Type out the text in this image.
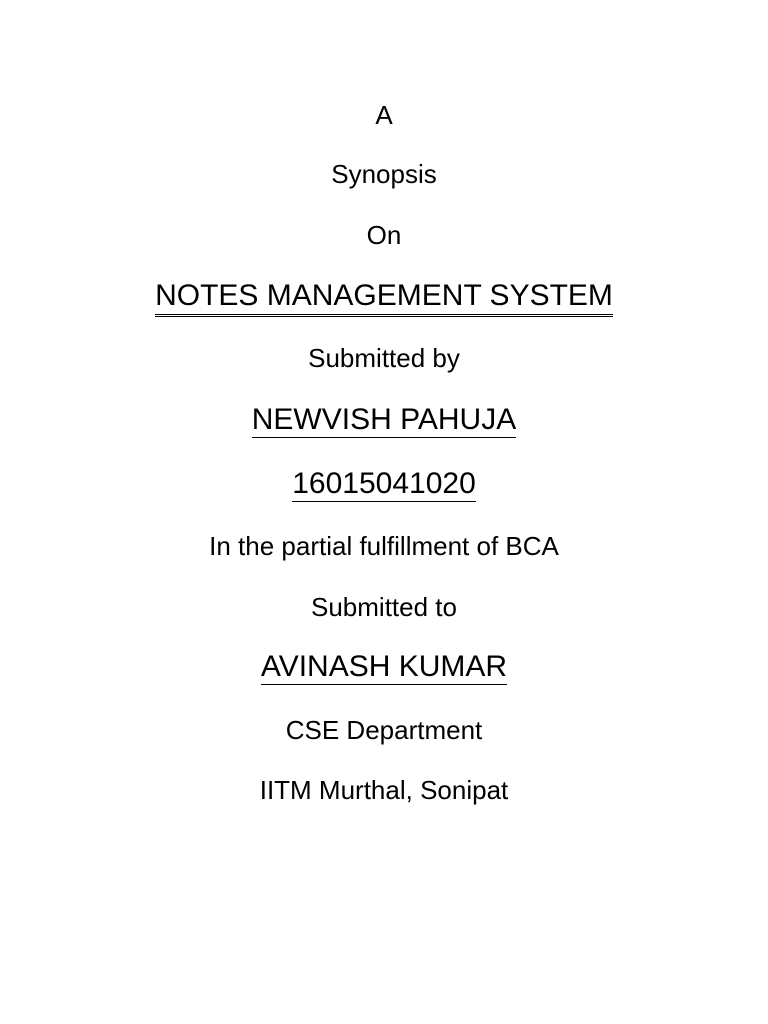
A
Synopsis
On
NOTES MANAGEMENT SYSTEM
Submitted by
NEWVISH PAHUJA
16015041020
In the partial fulfillment of BCA
Submitted to
AVINASH KUMAR
CSE Department
IITM Murthal, Sonipat
